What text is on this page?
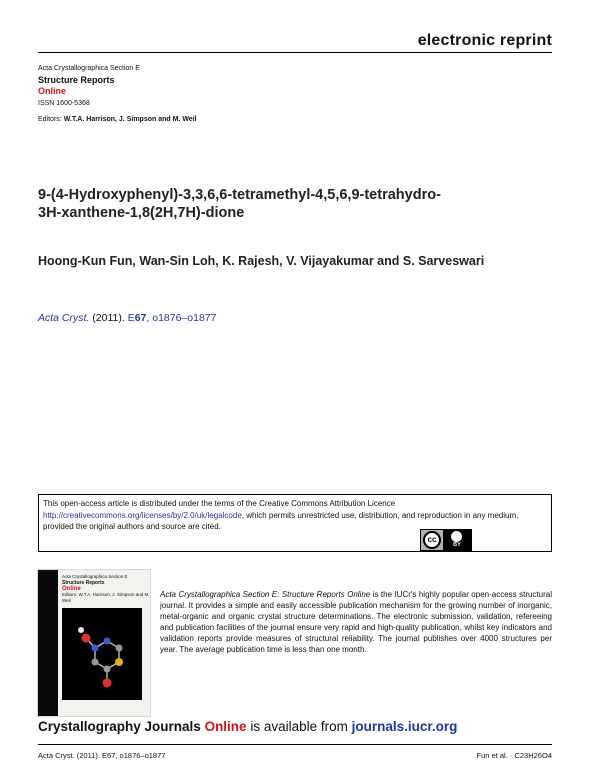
electronic reprint
Acta Crystallographica Section E
Structure Reports
Online
ISSN 1600-5368
Editors: W.T.A. Harrison, J. Simpson and M. Weil
9-(4-Hydroxyphenyl)-3,3,6,6-tetramethyl-4,5,6,9-tetrahydro-
3H-xanthene-1,8(2H,7H)-dione
Hoong-Kun Fun, Wan-Sin Loh, K. Rajesh, V. Vijayakumar and S. Sarveswari
Acta Cryst. (2011). E67, o1876–o1877
This open-access article is distributed under the terms of the Creative Commons Attribution Licence http://creativecommons.org/licenses/by/2.0/uk/legalcode, which permits unrestricted use, distribution, and reproduction in any medium, provided the original authors and source are cited.
cc
BY
Acta Crystallographica Section E
Structure Reports
Online
Editors: W.T.A. Harrison, J. Simpson and M. Weil
Acta Crystallographica Section E: Structure Reports Online is the IUCr's highly popular open-access structural journal. It provides a simple and easily accessible publication mechanism for the growing number of inorganic, metal-organic and organic crystal structure determinations. The electronic submission, validation, refereeing and publication facilities of the journal ensure very rapid and high-quality publication, whilst key indicators and validation reports provide measures of structural reliability. The journal publishes over 4000 structures per year. The average publication time is less than one month.
Crystallography Journals Online is available from journals.iucr.org
Acta Cryst. (2011). E67, o1876–o1877	Fun et al. · C23H26O4
